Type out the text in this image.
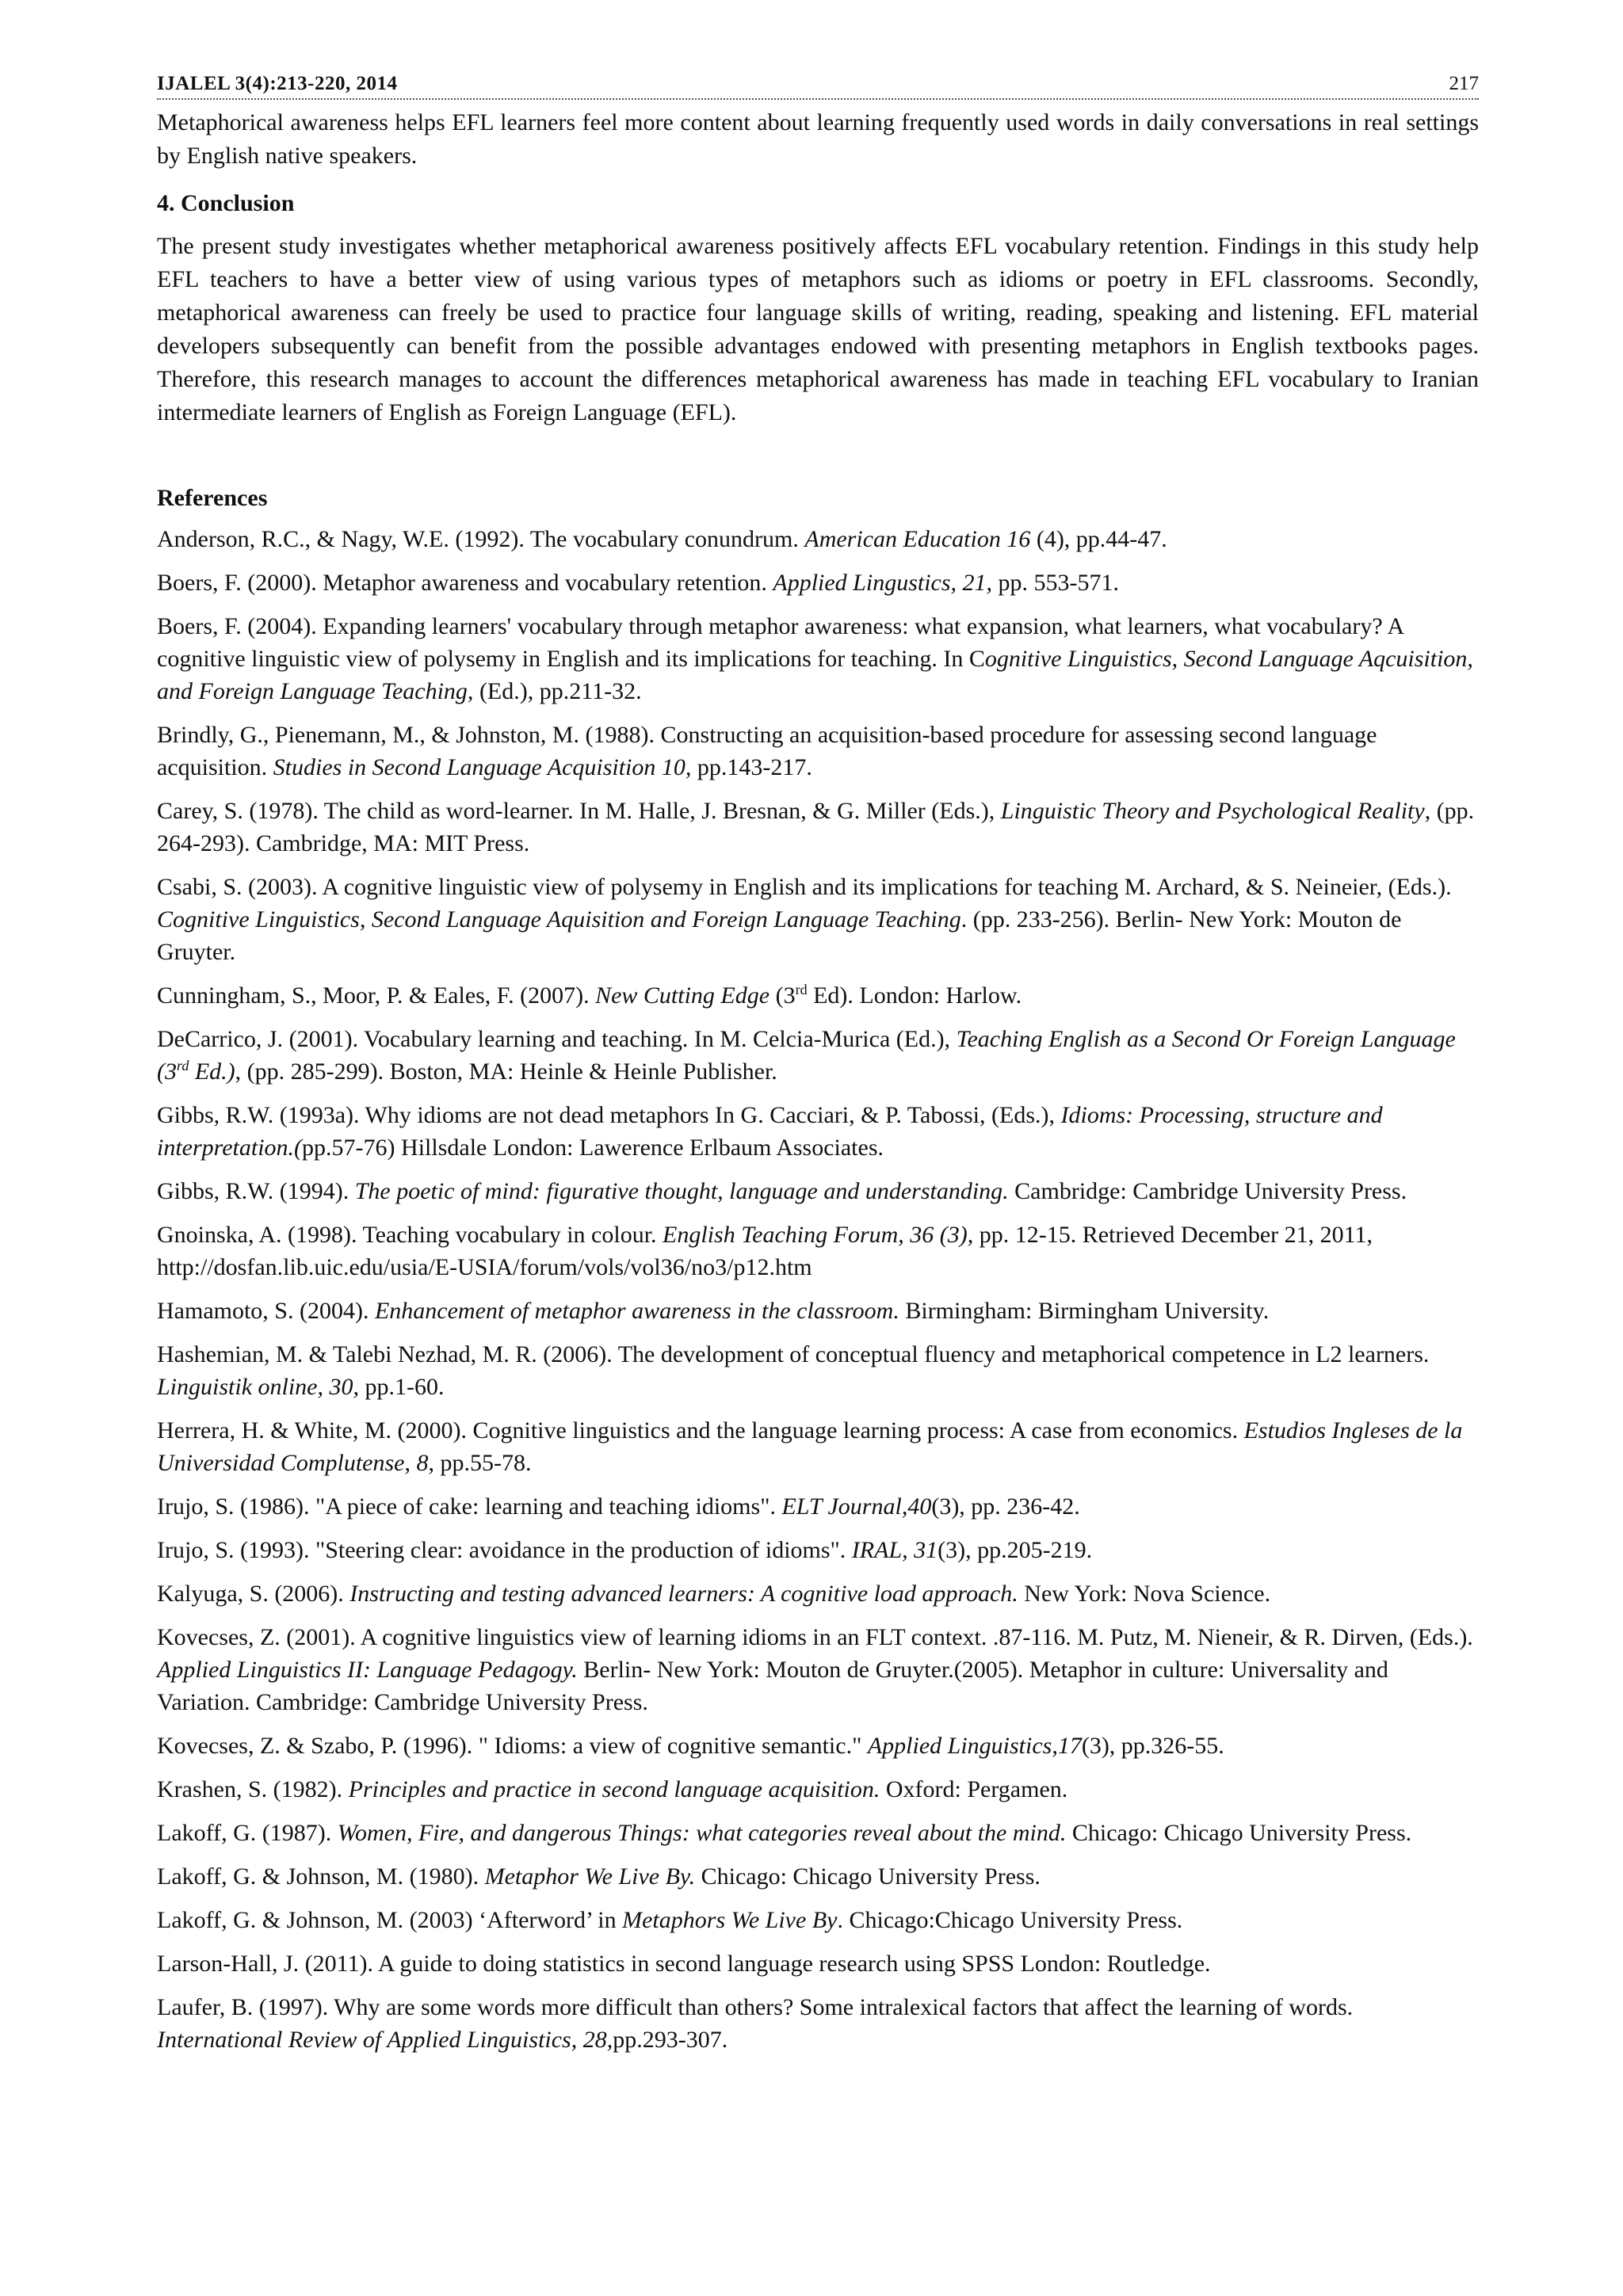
IJALEL 3(4):213-220, 2014	217

Metaphorical awareness helps EFL learners feel more content about learning frequently used words in daily conversations in real settings by English native speakers.

4. Conclusion

The present study investigates whether metaphorical awareness positively affects EFL vocabulary retention. Findings in this study help EFL teachers to have a better view of using various types of metaphors such as idioms or poetry in EFL classrooms. Secondly, metaphorical awareness can freely be used to practice four language skills of writing, reading, speaking and listening. EFL material developers subsequently can benefit from the possible advantages endowed with presenting metaphors in English textbooks pages. Therefore, this research manages to account the differences metaphorical awareness has made in teaching EFL vocabulary to Iranian intermediate learners of English as Foreign Language (EFL).

References

Anderson, R.C., & Nagy, W.E. (1992). The vocabulary conundrum. American Education 16 (4), pp.44-47.

Boers, F. (2000). Metaphor awareness and vocabulary retention. Applied Lingustics, 21, pp. 553-571.

Boers, F. (2004). Expanding learners' vocabulary through metaphor awareness: what expansion, what learners, what vocabulary? A cognitive linguistic view of polysemy in English and its implications for teaching. In Cognitive Linguistics, Second Language Aqcuisition, and Foreign Language Teaching, (Ed.), pp.211-32.

Brindly, G., Pienemann, M., & Johnston, M. (1988). Constructing an acquisition-based procedure for assessing second language acquisition. Studies in Second Language Acquisition 10, pp.143-217.

Carey, S. (1978). The child as word-learner. In M. Halle, J. Bresnan, & G. Miller (Eds.), Linguistic Theory and Psychological Reality, (pp. 264-293). Cambridge, MA: MIT Press.

Csabi, S. (2003). A cognitive linguistic view of polysemy in English and its implications for teaching M. Archard, & S. Neineier, (Eds.). Cognitive Linguistics, Second Language Aquisition and Foreign Language Teaching. (pp. 233-256). Berlin- New York: Mouton de Gruyter.

Cunningham, S., Moor, P. & Eales, F. (2007). New Cutting Edge (3rd Ed). London: Harlow.

DeCarrico, J. (2001). Vocabulary learning and teaching. In M. Celcia-Murica (Ed.), Teaching English as a Second Or Foreign Language (3rd Ed.), (pp. 285-299). Boston, MA: Heinle & Heinle Publisher.

Gibbs, R.W. (1993a). Why idioms are not dead metaphors In G. Cacciari, & P. Tabossi, (Eds.), Idioms: Processing, structure and interpretation.(pp.57-76) Hillsdale London: Lawerence Erlbaum Associates.

Gibbs, R.W. (1994). The poetic of mind: figurative thought, language and understanding. Cambridge: Cambridge University Press.

Gnoinska, A. (1998). Teaching vocabulary in colour. English Teaching Forum, 36 (3), pp. 12-15. Retrieved December 21, 2011, http://dosfan.lib.uic.edu/usia/E-USIA/forum/vols/vol36/no3/p12.htm

Hamamoto, S. (2004). Enhancement of metaphor awareness in the classroom. Birmingham: Birmingham University.

Hashemian, M. & Talebi Nezhad, M. R. (2006). The development of conceptual fluency and metaphorical competence in L2 learners. Linguistik online, 30, pp.1-60.

Herrera, H. & White, M. (2000). Cognitive linguistics and the language learning process: A case from economics. Estudios Ingleses de la Universidad Complutense, 8, pp.55-78.

Irujo, S. (1986). "A piece of cake: learning and teaching idioms". ELT Journal,40(3), pp. 236-42.

Irujo, S. (1993). "Steering clear: avoidance in the production of idioms". IRAL, 31(3), pp.205-219.

Kalyuga, S. (2006). Instructing and testing advanced learners: A cognitive load approach. New York: Nova Science.

Kovecses, Z. (2001). A cognitive linguistics view of learning idioms in an FLT context. .87-116. M. Putz, M. Nieneir, & R. Dirven, (Eds.). Applied Linguistics II: Language Pedagogy. Berlin- New York: Mouton de Gruyter.(2005). Metaphor in culture: Universality and Variation. Cambridge: Cambridge University Press.

Kovecses, Z. & Szabo, P. (1996). " Idioms: a view of cognitive semantic." Applied Linguistics,17(3), pp.326-55.

Krashen, S. (1982). Principles and practice in second language acquisition. Oxford: Pergamen.

Lakoff, G. (1987). Women, Fire, and dangerous Things: what categories reveal about the mind. Chicago: Chicago University Press.

Lakoff, G. & Johnson, M. (1980). Metaphor We Live By. Chicago: Chicago University Press.

Lakoff, G. & Johnson, M. (2003) ‘Afterword’ in Metaphors We Live By. Chicago:Chicago University Press.

Larson-Hall, J. (2011). A guide to doing statistics in second language research using SPSS London: Routledge.

Laufer, B. (1997). Why are some words more difficult than others? Some intralexical factors that affect the learning of words. International Review of Applied Linguistics, 28,pp.293-307.
